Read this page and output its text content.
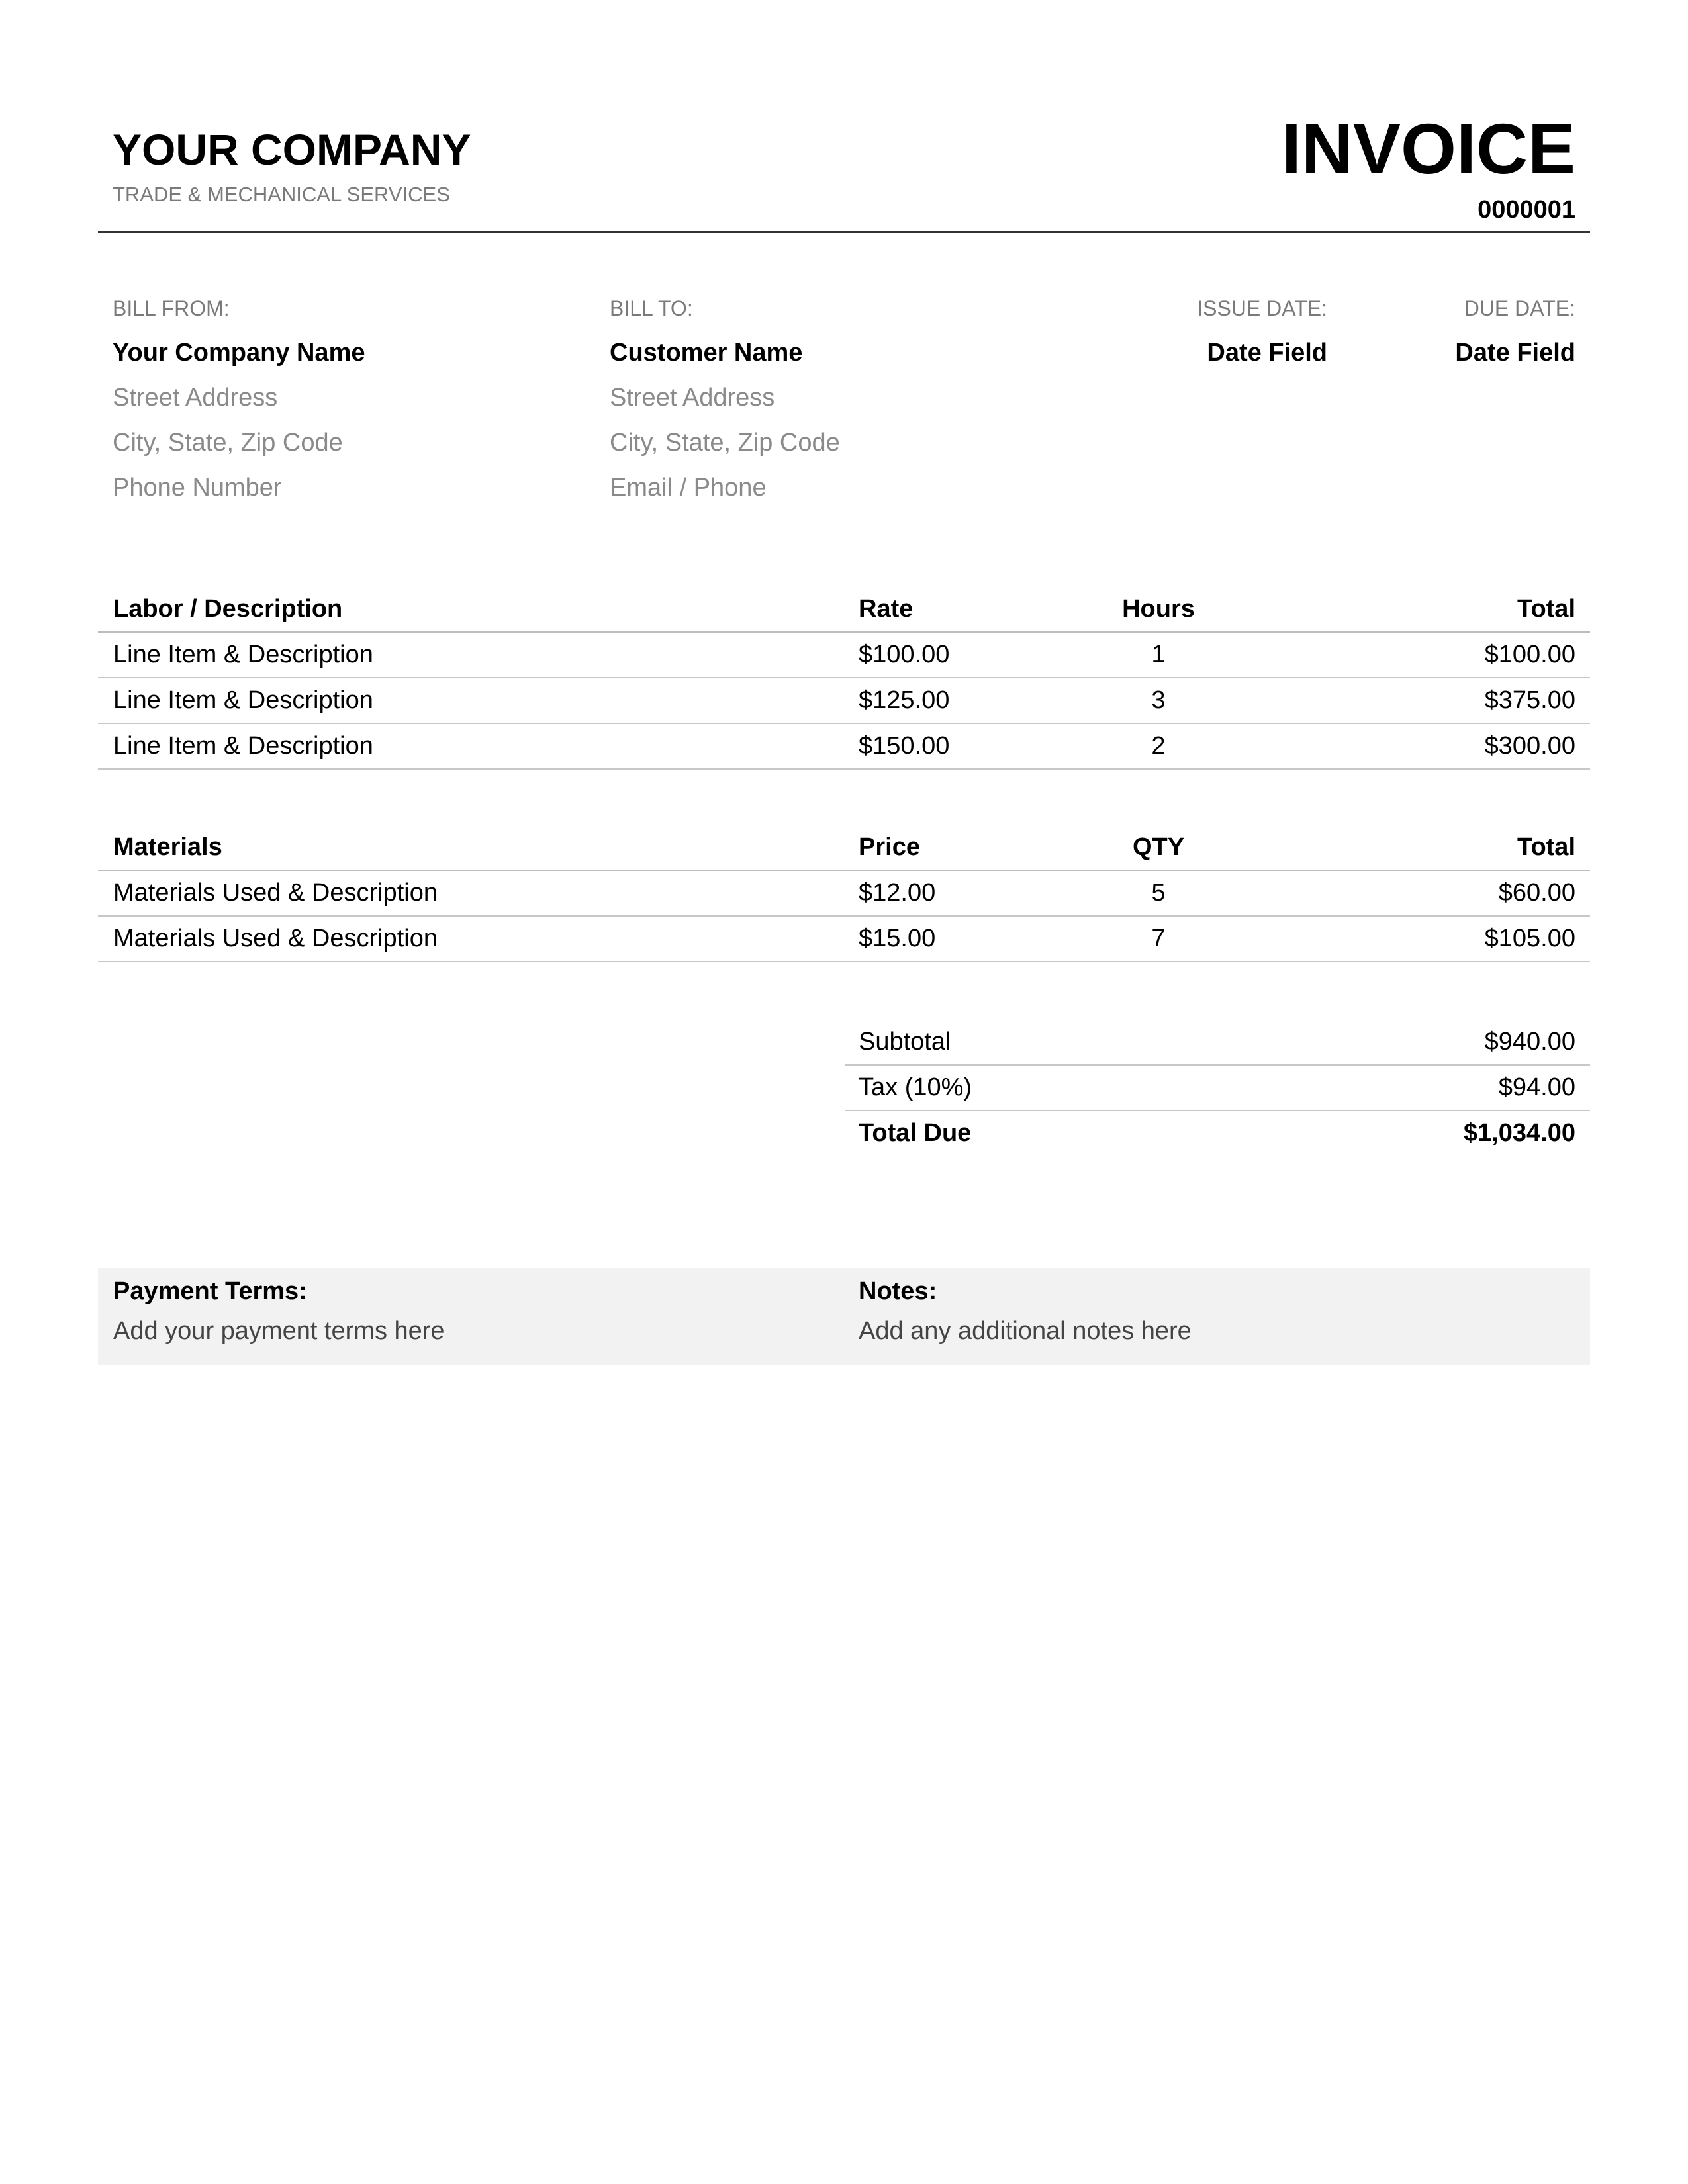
YOUR COMPANY
TRADE & MECHANICAL SERVICES
INVOICE
0000001
BILL FROM:
Your Company Name
Street Address
City, State, Zip Code
Phone Number
BILL TO:
Customer Name
Street Address
City, State, Zip Code
Email / Phone
ISSUE DATE:
Date Field
DUE DATE:
Date Field
Labor / Description	Rate	Hours	Total
Line Item & Description	$100.00	1	$100.00
Line Item & Description	$125.00	3	$375.00
Line Item & Description	$150.00	2	$300.00
Materials	Price	QTY	Total
Materials Used & Description	$12.00	5	$60.00
Materials Used & Description	$15.00	7	$105.00
Subtotal	$940.00
Tax (10%)	$94.00
Total Due	$1,034.00
Payment Terms:
Add your payment terms here
Notes:
Add any additional notes here
